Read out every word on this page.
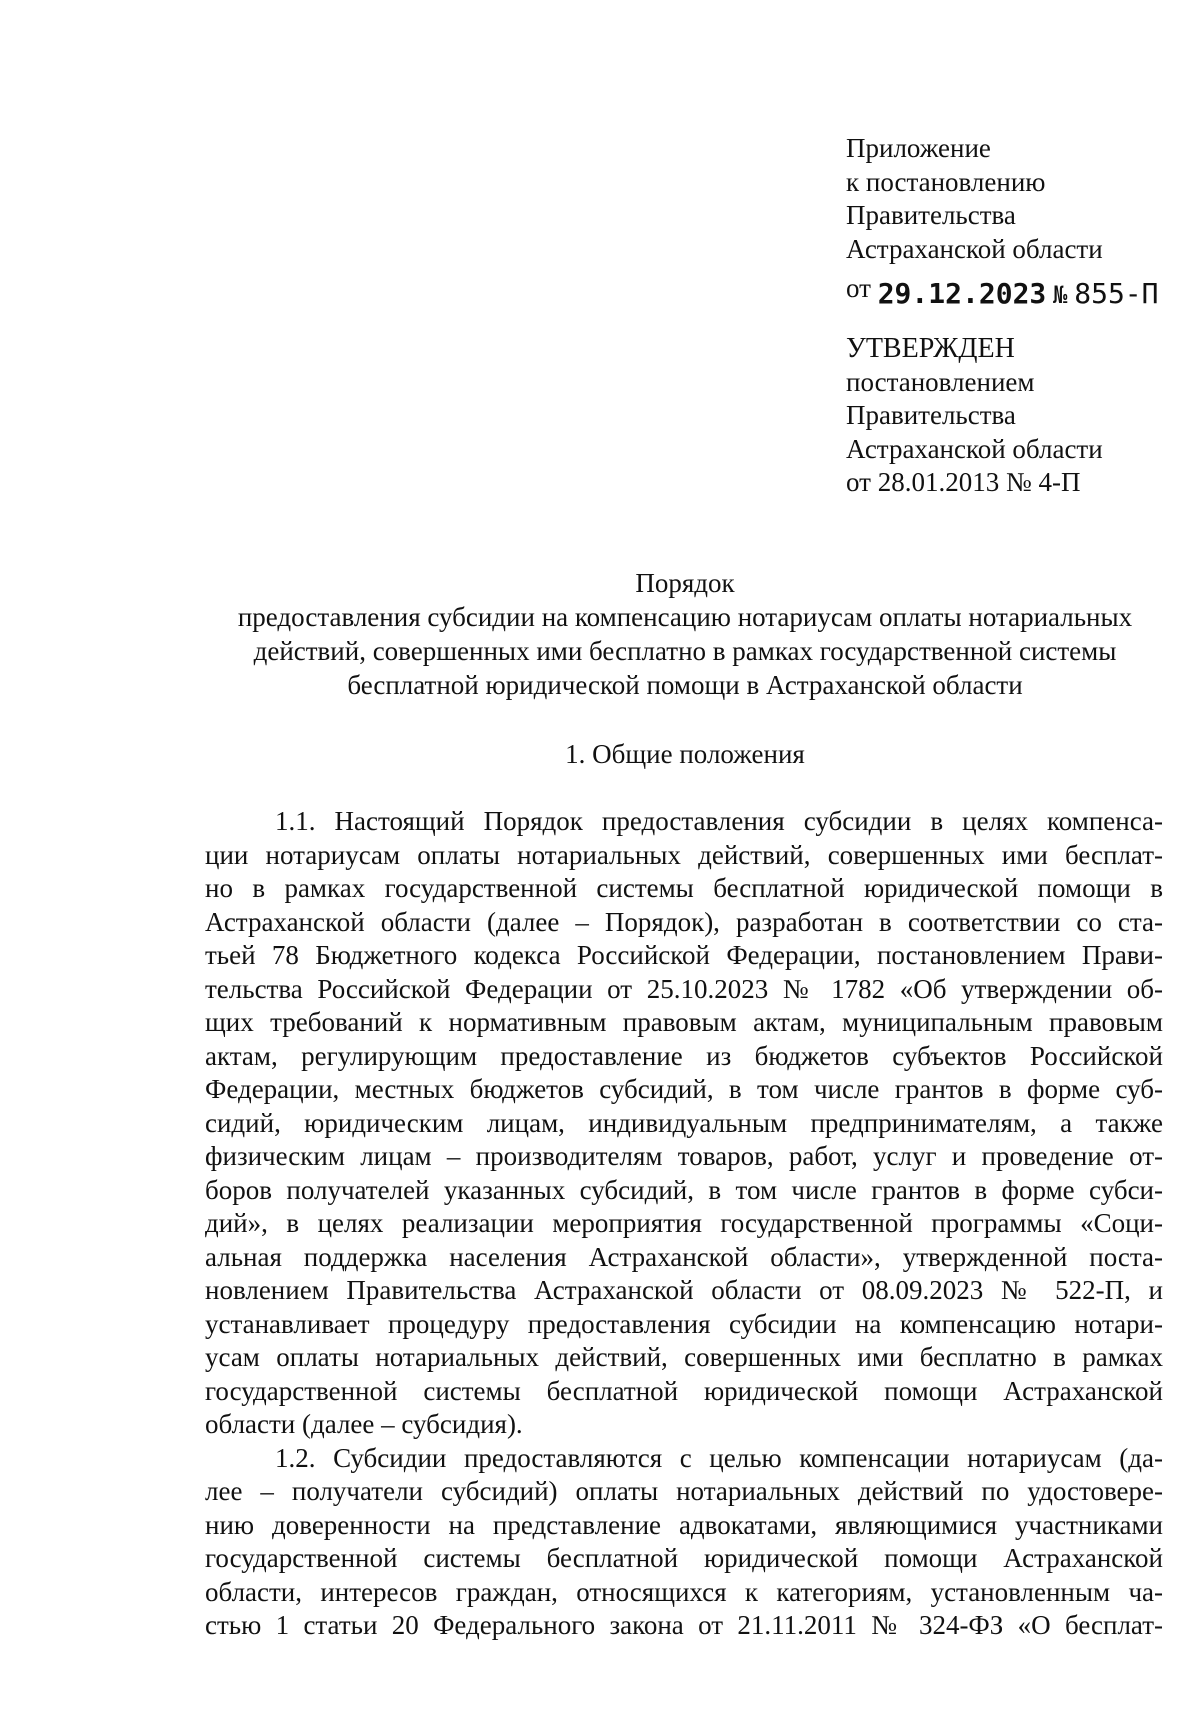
Приложение
к постановлению
Правительства
Астраханской области
от 29.12.2023 № 855-П
УТВЕРЖДЕН
постановлением
Правительства
Астраханской области
от 28.01.2013 № 4-П
Порядок
предоставления субсидии на компенсацию нотариусам оплаты нотариальных
действий, совершенных ими бесплатно в рамках государственной системы
бесплатной юридической помощи в Астраханской области
1. Общие положения
1.1. Настоящий Порядок предоставления субсидии в целях компенса-
ции нотариусам оплаты нотариальных действий, совершенных ими бесплат-
но в рамках государственной системы бесплатной юридической помощи в
Астраханской области (далее – Порядок), разработан в соответствии со ста-
тьей 78 Бюджетного кодекса Российской Федерации, постановлением Прави-
тельства Российской Федерации от 25.10.2023 № 1782 «Об утверждении об-
щих требований к нормативным правовым актам, муниципальным правовым
актам, регулирующим предоставление из бюджетов субъектов Российской
Федерации, местных бюджетов субсидий, в том числе грантов в форме суб-
сидий, юридическим лицам, индивидуальным предпринимателям, а также
физическим лицам – производителям товаров, работ, услуг и проведение от-
боров получателей указанных субсидий, в том числе грантов в форме субси-
дий», в целях реализации мероприятия государственной программы «Соци-
альная поддержка населения Астраханской области», утвержденной поста-
новлением Правительства Астраханской области от 08.09.2023 № 522-П, и
устанавливает процедуру предоставления субсидии на компенсацию нотари-
усам оплаты нотариальных действий, совершенных ими бесплатно в рамках
государственной системы бесплатной юридической помощи Астраханской
области (далее – субсидия).
1.2. Субсидии предоставляются с целью компенсации нотариусам (да-
лее – получатели субсидий) оплаты нотариальных действий по удостовере-
нию доверенности на представление адвокатами, являющимися участниками
государственной системы бесплатной юридической помощи Астраханской
области, интересов граждан, относящихся к категориям, установленным ча-
стью 1 статьи 20 Федерального закона от 21.11.2011 № 324-ФЗ «О бесплат-
